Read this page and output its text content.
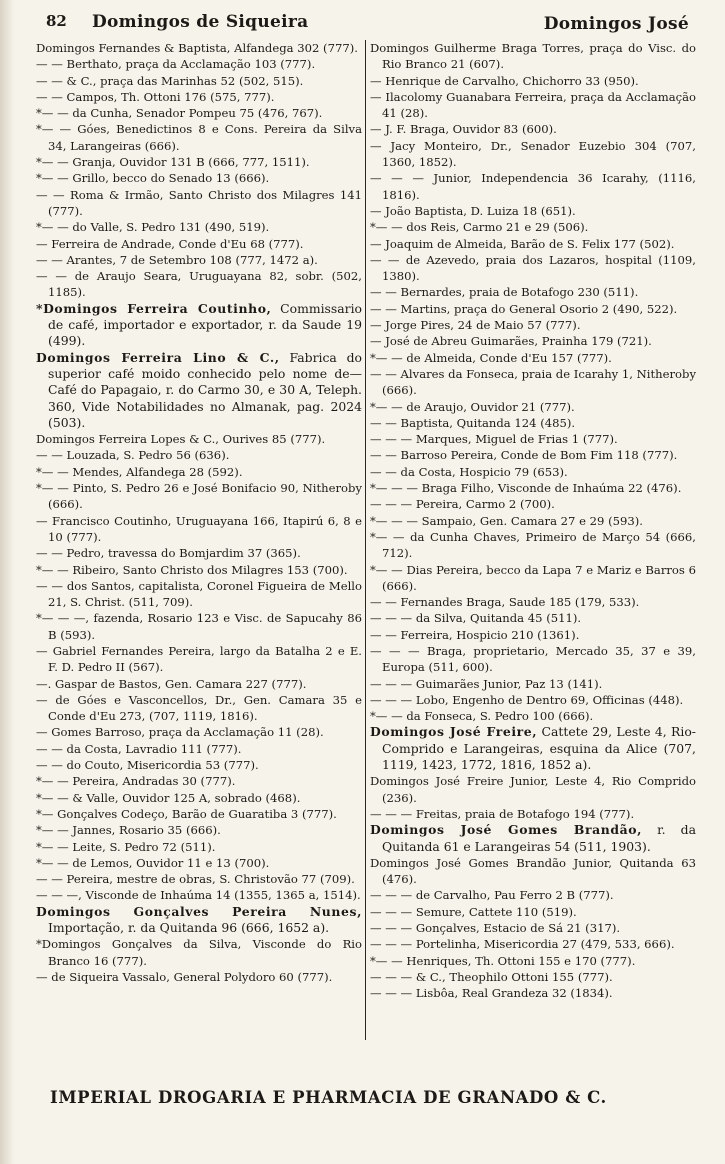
82 Domingos de Siqueira	Domingos José

Domingos Fernandes & Baptista, Alfandega 302 (777).

— — Berthato, praça da Acclamação 103 (777).

— — & C., praça das Marinhas 52 (502, 515).

— — Campos, Th. Ottoni 176 (575, 777).

*— — da Cunha, Senador Pompeu 75 (476, 767).

*— — Góes, Benedictinos 8 e Cons. Pereira da Silva 34, Larangeiras (666).

*— — Granja, Ouvidor 131 B (666, 777, 1511).

*— — Grillo, becco do Senado 13 (666).

— — Roma & Irmão, Santo Christo dos Milagres 141 (777).

*— — do Valle, S. Pedro 131 (490, 519).

— Ferreira de Andrade, Conde d'Eu 68 (777).

— — Arantes, 7 de Setembro 108 (777, 1472 a).

— — de Araujo Seara, Uruguayana 82, sobr. (502, 1185).

*Domingos Ferreira Coutinho, Commissario de café, importador e exportador, r. da Saude 19 (499).

Domingos Ferreira Lino & C., Fabrica do superior café moido conhecido pelo nome de—Café do Papagaio, r. do Carmo 30, e 30 A, Teleph. 360, Vide Notabilidades no Almanak, pag. 2024 (503).

Domingos Ferreira Lopes & C., Ourives 85 (777).

— — Louzada, S. Pedro 56 (636).

*— — Mendes, Alfandega 28 (592).

*— — Pinto, S. Pedro 26 e José Bonifacio 90, Nitheroby (666).

— Francisco Coutinho, Uruguayana 166, Itapirú 6, 8 e 10 (777).

— — Pedro, travessa do Bomjardim 37 (365).

*— — Ribeiro, Santo Christo dos Milagres 153 (700).

— — dos Santos, capitalista, Coronel Figueira de Mello 21, S. Christ. (511, 709).

*— — —, fazenda, Rosario 123 e Visc. de Sapucahy 86 B (593).

— Gabriel Fernandes Pereira, largo da Batalha 2 e E. F. D. Pedro II (567).

—. Gaspar de Bastos, Gen. Camara 227 (777).

— de Góes e Vasconcellos, Dr., Gen. Camara 35 e Conde d'Eu 273, (707, 1119, 1816).

— Gomes Barroso, praça da Acclamação 11 (28).

— — da Costa, Lavradio 111 (777).

— — do Couto, Misericordia 53 (777).

*— — Pereira, Andradas 30 (777).

*— — & Valle, Ouvidor 125 A, sobrado (468).

*— Gonçalves Codeço, Barão de Guaratiba 3 (777).

*— — Jannes, Rosario 35 (666).

*— — Leite, S. Pedro 72 (511).

*— — de Lemos, Ouvidor 11 e 13 (700).

— — Pereira, mestre de obras, S. Christovão 77 (709).

— — —, Visconde de Inhaúma 14 (1355, 1365 a, 1514).

Domingos Gonçalves Pereira Nunes, Importação, r. da Quitanda 96 (666, 1652 a).

*Domingos Gonçalves da Silva, Visconde do Rio Branco 16 (777).

— de Siqueira Vassalo, General Polydoro 60 (777).

Domingos Guilherme Braga Torres, praça do Visc. do Rio Branco 21 (607).

— Henrique de Carvalho, Chichorro 33 (950).

— Ilacolomy Guanabara Ferreira, praça da Acclamação 41 (28).

— J. F. Braga, Ouvidor 83 (600).

— Jacy Monteiro, Dr., Senador Euzebio 304 (707, 1360, 1852).

— — — Junior, Independencia 36 Icarahy, (1116, 1816).

— João Baptista, D. Luiza 18 (651).

*— — dos Reis, Carmo 21 e 29 (506).

— Joaquim de Almeida, Barão de S. Felix 177 (502).

— — de Azevedo, praia dos Lazaros, hospital (1109, 1380).

— — Bernardes, praia de Botafogo 230 (511).

— — Martins, praça do General Osorio 2 (490, 522).

— Jorge Pires, 24 de Maio 57 (777).

— José de Abreu Guimarães, Prainha 179 (721).

*— — de Almeida, Conde d'Eu 157 (777).

— — Alvares da Fonseca, praia de Icarahy 1, Nitheroby (666).

*— — de Araujo, Ouvidor 21 (777).

— — Baptista, Quitanda 124 (485).

— — — Marques, Miguel de Frias 1 (777).

— — Barroso Pereira, Conde de Bom Fim 118 (777).

— — da Costa, Hospicio 79 (653).

*— — — Braga Filho, Visconde de Inhaúma 22 (476).

— — — Pereira, Carmo 2 (700).

*— — — Sampaio, Gen. Camara 27 e 29 (593).

*— — da Cunha Chaves, Primeiro de Março 54 (666, 712).

*— — Dias Pereira, becco da Lapa 7 e Mariz e Barros 6 (666).

— — Fernandes Braga, Saude 185 (179, 533).

— — — da Silva, Quitanda 45 (511).

— — Ferreira, Hospicio 210 (1361).

— — — Braga, proprietario, Mercado 35, 37 e 39, Europa (511, 600).

— — — Guimarães Junior, Paz 13 (141).

— — — Lobo, Engenho de Dentro 69, Officinas (448).

*— — da Fonseca, S. Pedro 100 (666).

Domingos José Freire, Cattete 29, Leste 4, Rio-Comprido e Larangeiras, esquina da Alice (707, 1119, 1423, 1772, 1816, 1852 a).

Domingos José Freire Junior, Leste 4, Rio Comprido (236).

— — — Freitas, praia de Botafogo 194 (777).

Domingos José Gomes Brandão, r. da Quitanda 61 e Larangeiras 54 (511, 1903).

Domingos José Gomes Brandão Junior, Quitanda 63 (476).

— — — de Carvalho, Pau Ferro 2 B (777).

— — — Semure, Cattete 110 (519).

— — — Gonçalves, Estacio de Sá 21 (317).

— — — Portelinha, Misericordia 27 (479, 533, 666).

*— — Henriques, Th. Ottoni 155 e 170 (777).

— — — & C., Theophilo Ottoni 155 (777).

— — — Lisbôa, Real Grandeza 32 (1834).

IMPERIAL DROGARIA E PHARMACIA DE GRANADO & C.
